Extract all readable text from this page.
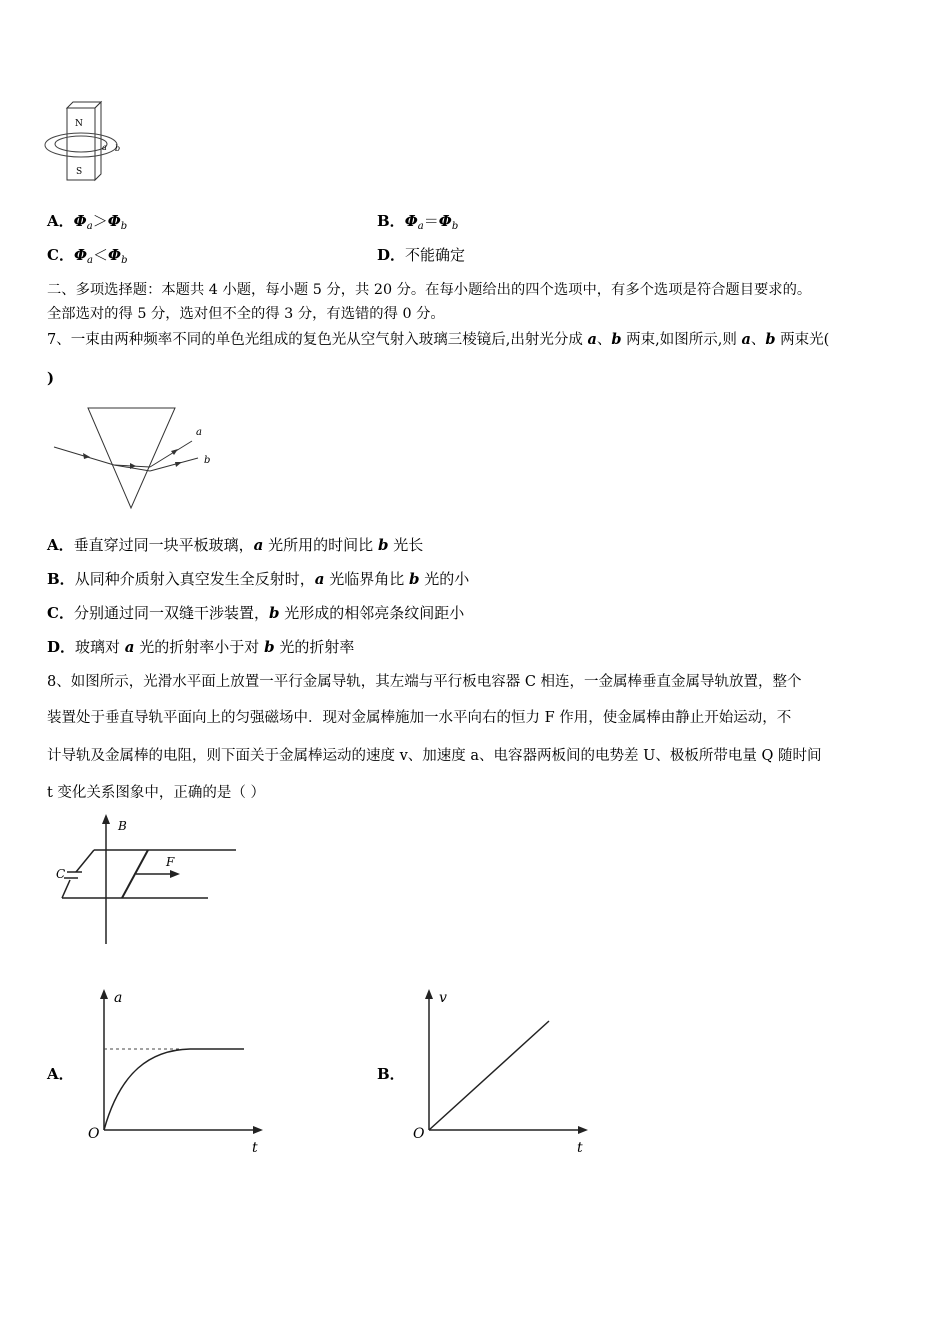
N
S
a b
A．$\Phi_a>\Phi_b$	B．$\Phi_a=\Phi_b$
C．$\Phi_a<\Phi_b$	D．不能确定
二、多项选择题：本题共 4 小题，每小题 5 分，共 20 分。在每小题给出的四个选项中，有多个选项是符合题目要求的。
全部选对的得 5 分，选对但不全的得 3 分，有选错的得 0 分。
7、一束由两种频率不同的单色光组成的复色光从空气射入玻璃三棱镜后,出射光分成 a、b 两束,如图所示,则 a、b 两束光(
)
a
b
A．垂直穿过同一块平板玻璃，a 光所用的时间比 b 光长
B．从同种介质射入真空发生全反射时，a 光临界角比 b 光的小
C．分别通过同一双缝干涉装置，b 光形成的相邻亮条纹间距小
D．玻璃对 a 光的折射率小于对 b 光的折射率
8、如图所示，光滑水平面上放置一平行金属导轨，其左端与平行板电容器 C 相连，一金属棒垂直金属导轨放置，整个
装置处于垂直导轨平面向上的匀强磁场中．现对金属棒施加一水平向右的恒力 F 作用，使金属棒由静止开始运动，不
计导轨及金属棒的电阻，则下面关于金属棒运动的速度 v、加速度 a、电容器两板间的电势差 U、极板所带电量 Q 随时间
t 变化关系图象中，正确的是（ ）
B
C
F
A．
a
t
O
B．
v
t
O
